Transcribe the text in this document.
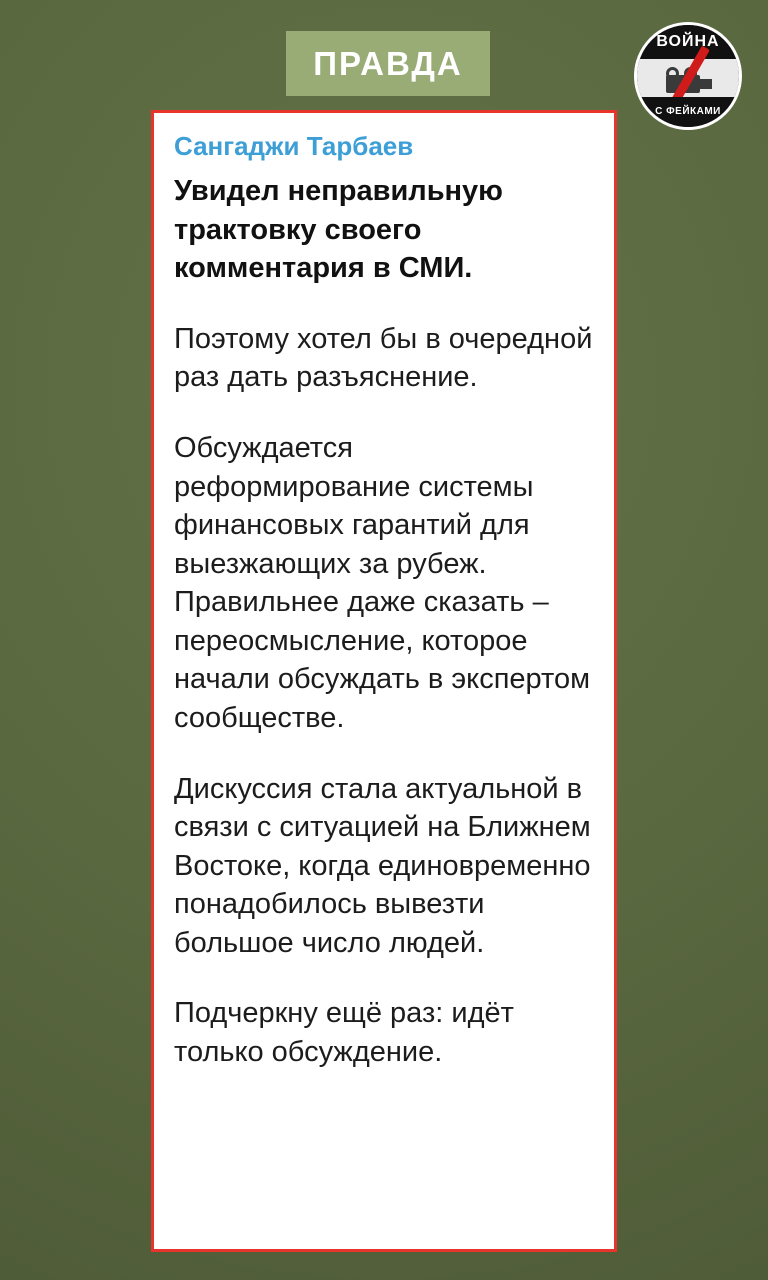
ПРАВДА
ВОЙНА
С ФЕЙКАМИ
Сангаджи Тарбаев
Увидел неправильную трактовку своего комментария в СМИ.
Поэтому хотел бы в очередной раз дать разъяснение.
Обсуждается реформирование системы финансовых гарантий для выезжающих за рубеж. Правильнее даже сказать – переосмысление, которое начали обсуждать в экспертом сообществе.
Дискуссия стала актуальной в связи с ситуацией на Ближнем Востоке, когда единовременно понадобилось вывезти большое число людей.
Подчеркну ещё раз: идёт только обсуждение.
